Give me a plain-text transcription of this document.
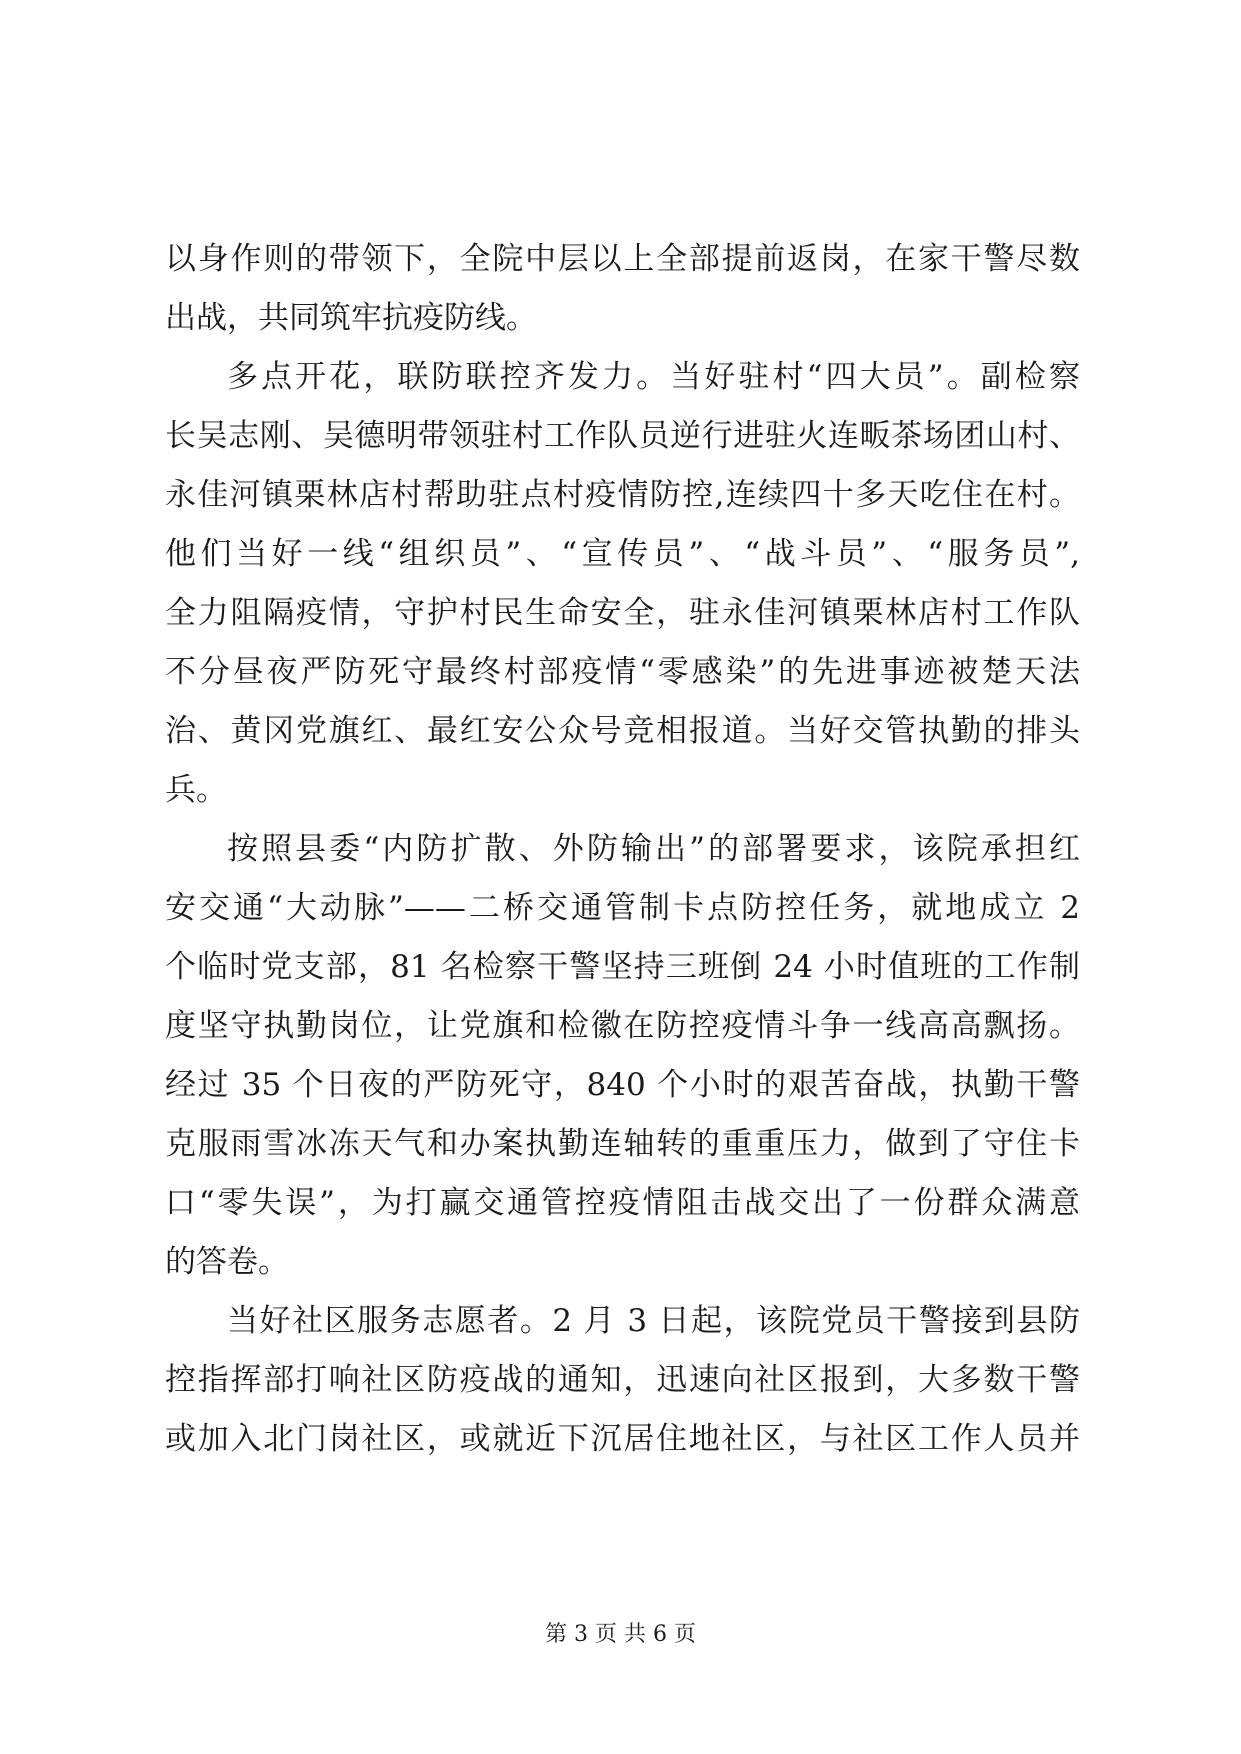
以身作则的带领下，全院中层以上全部提前返岗，在家干警尽数
出战，共同筑牢抗疫防线。
多点开花，联防联控齐发力。当好驻村“四大员”。副检察
长吴志刚、吴德明带领驻村工作队员逆行进驻火连畈茶场团山村、
永佳河镇栗林店村帮助驻点村疫情防控,连续四十多天吃住在村。
他们当好一线“组织员”、“宣传员”、“战斗员”、“服务员”,
全力阻隔疫情，守护村民生命安全，驻永佳河镇栗林店村工作队
不分昼夜严防死守最终村部疫情“零感染”的先进事迹被楚天法
治、黄冈党旗红、最红安公众号竞相报道。当好交管执勤的排头
兵。
按照县委“内防扩散、外防输出”的部署要求，该院承担红
安交通“大动脉”——二桥交通管制卡点防控任务，就地成立 2
个临时党支部，81 名检察干警坚持三班倒 24 小时值班的工作制
度坚守执勤岗位，让党旗和检徽在防控疫情斗争一线高高飘扬。
经过 35 个日夜的严防死守，840 个小时的艰苦奋战，执勤干警
克服雨雪冰冻天气和办案执勤连轴转的重重压力，做到了守住卡
口“零失误”，为打赢交通管控疫情阻击战交出了一份群众满意
的答卷。
当好社区服务志愿者。2 月 3 日起，该院党员干警接到县防
控指挥部打响社区防疫战的通知，迅速向社区报到，大多数干警
或加入北门岗社区，或就近下沉居住地社区，与社区工作人员并
第 3 页 共 6 页
